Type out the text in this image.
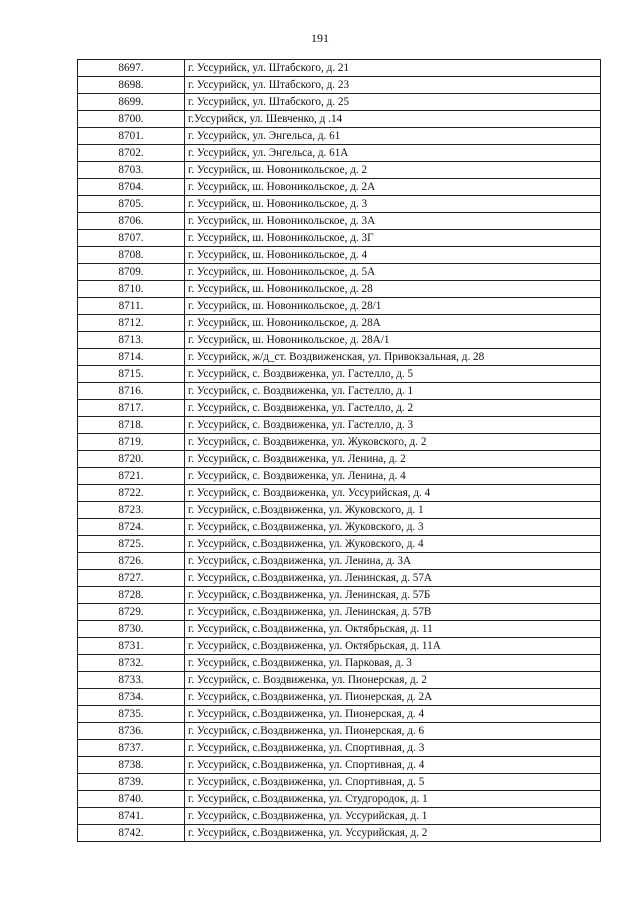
191
8697.	г. Уссурийск, ул. Штабского, д. 21
8698.	г. Уссурийск, ул. Штабского, д. 23
8699.	г. Уссурийск, ул. Штабского, д. 25
8700.	г.Уссурийск, ул. Шевченко, д .14
8701.	г. Уссурийск, ул. Энгельса, д. 61
8702.	г. Уссурийск, ул. Энгельса, д. 61А
8703.	г. Уссурийск, ш. Новоникольское, д. 2
8704.	г. Уссурийск, ш. Новоникольское, д. 2А
8705.	г. Уссурийск, ш. Новоникольское, д. 3
8706.	г. Уссурийск, ш. Новоникольское, д. 3А
8707.	г. Уссурийск, ш. Новоникольское, д. 3Г
8708.	г. Уссурийск, ш. Новоникольское, д. 4
8709.	г. Уссурийск, ш. Новоникольское, д. 5А
8710.	г. Уссурийск, ш. Новоникольское, д. 28
8711.	г. Уссурийск, ш. Новоникольское, д. 28/1
8712.	г. Уссурийск, ш. Новоникольское, д. 28А
8713.	г. Уссурийск, ш. Новоникольское, д. 28А/1
8714.	г. Уссурийск, ж/д_ст. Воздвиженская, ул. Привокзальная, д. 28
8715.	г. Уссурийск, с. Воздвиженка, ул. Гастелло, д. 5
8716.	г. Уссурийск, с. Воздвиженка, ул. Гастелло, д. 1
8717.	г. Уссурийск, с. Воздвиженка, ул. Гастелло, д. 2
8718.	г. Уссурийск, с. Воздвиженка, ул. Гастелло, д. 3
8719.	г. Уссурийск, с. Воздвиженка, ул. Жуковского, д. 2
8720.	г. Уссурийск, с. Воздвиженка, ул. Ленина, д. 2
8721.	г. Уссурийск, с. Воздвиженка, ул. Ленина, д. 4
8722.	г. Уссурийск, с. Воздвиженка, ул. Уссурийская, д. 4
8723.	г. Уссурийск, с.Воздвиженка, ул. Жуковского, д. 1
8724.	г. Уссурийск, с.Воздвиженка, ул. Жуковского, д. 3
8725.	г. Уссурийск, с.Воздвиженка, ул. Жуковского, д. 4
8726.	г. Уссурийск, с.Воздвиженка, ул. Ленина, д. 3А
8727.	г. Уссурийск, с.Воздвиженка, ул. Ленинская, д. 57А
8728.	г. Уссурийск, с.Воздвиженка, ул. Ленинская, д. 57Б
8729.	г. Уссурийск, с.Воздвиженка, ул. Ленинская, д. 57В
8730.	г. Уссурийск, с.Воздвиженка, ул. Октябрьская, д. 11
8731.	г. Уссурийск, с.Воздвиженка, ул. Октябрьская, д. 11А
8732.	г. Уссурийск, с.Воздвиженка, ул. Парковая, д. 3
8733.	г. Уссурийск, с. Воздвиженка, ул. Пионерская, д. 2
8734.	г. Уссурийск, с.Воздвиженка, ул. Пионерская, д. 2А
8735.	г. Уссурийск, с.Воздвиженка, ул. Пионерская, д. 4
8736.	г. Уссурийск, с.Воздвиженка, ул. Пионерская, д. 6
8737.	г. Уссурийск, с.Воздвиженка, ул. Спортивная, д. 3
8738.	г. Уссурийск, с.Воздвиженка, ул. Спортивная, д. 4
8739.	г. Уссурийск, с.Воздвиженка, ул. Спортивная, д. 5
8740.	г. Уссурийск, с.Воздвиженка, ул. Студгородок, д. 1
8741.	г. Уссурийск, с.Воздвиженка, ул. Уссурийская, д. 1
8742.	г. Уссурийск, с.Воздвиженка, ул. Уссурийская, д. 2
